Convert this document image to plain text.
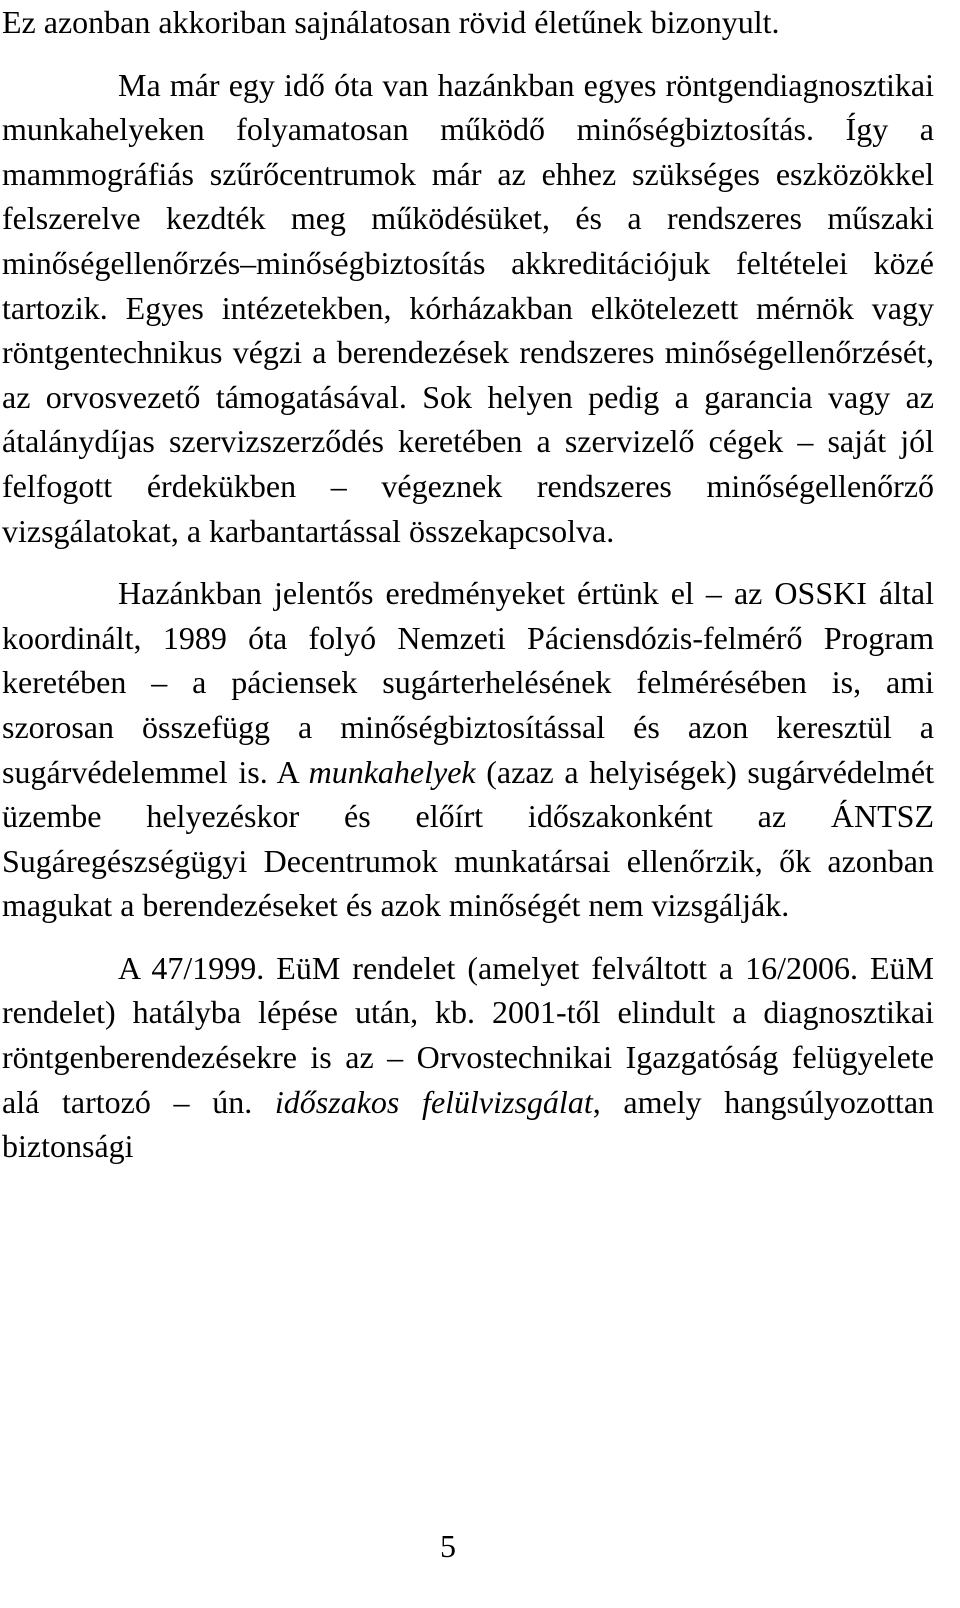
Ez azonban akkoriban sajnálatosan rövid életűnek bizonyult.

Ma már egy idő óta van hazánkban egyes röntgendiagnosztikai munkahelyeken folyamatosan működő minőségbiztosítás. Így a mammográfiás szűrőcentrumok már az ehhez szükséges eszközökkel felszerelve kezdték meg működésüket, és a rendszeres műszaki minőségellenőrzés–minőségbiztosítás akkreditációjuk feltételei közé tartozik. Egyes intézetekben, kórházakban elkötelezett mérnök vagy röntgentechnikus végzi a berendezések rendszeres minőségellenőrzését, az orvosvezető támogatásával. Sok helyen pedig a garancia vagy az átalánydíjas szervizszerződés keretében a szervizelő cégek – saját jól felfogott érdekükben – végeznek rendszeres minőségellenőrző vizsgálatokat, a karbantartással összekapcsolva.

Hazánkban jelentős eredményeket értünk el – az OSSKI által koordinált, 1989 óta folyó Nemzeti Páciensdózis-felmérő Program keretében – a páciensek sugárterhelésének felmérésében is, ami szorosan összefügg a minőségbiztosítással és azon keresztül a sugárvédelemmel is. A munkahelyek (azaz a helyiségek) sugárvédelmét üzembe helyezéskor és előírt időszakonként az ÁNTSZ Sugáregészségügyi Decentrumok munkatársai ellenőrzik, ők azonban magukat a berendezéseket és azok minőségét nem vizsgálják.

A 47/1999. EüM rendelet (amelyet felváltott a 16/2006. EüM rendelet) hatályba lépése után, kb. 2001-től elindult a diagnosztikai röntgenberendezésekre is az – Orvostechnikai Igazgatóság felügyelete alá tartozó – ún. időszakos felülvizsgálat, amely hangsúlyozottan biztonsági

5
